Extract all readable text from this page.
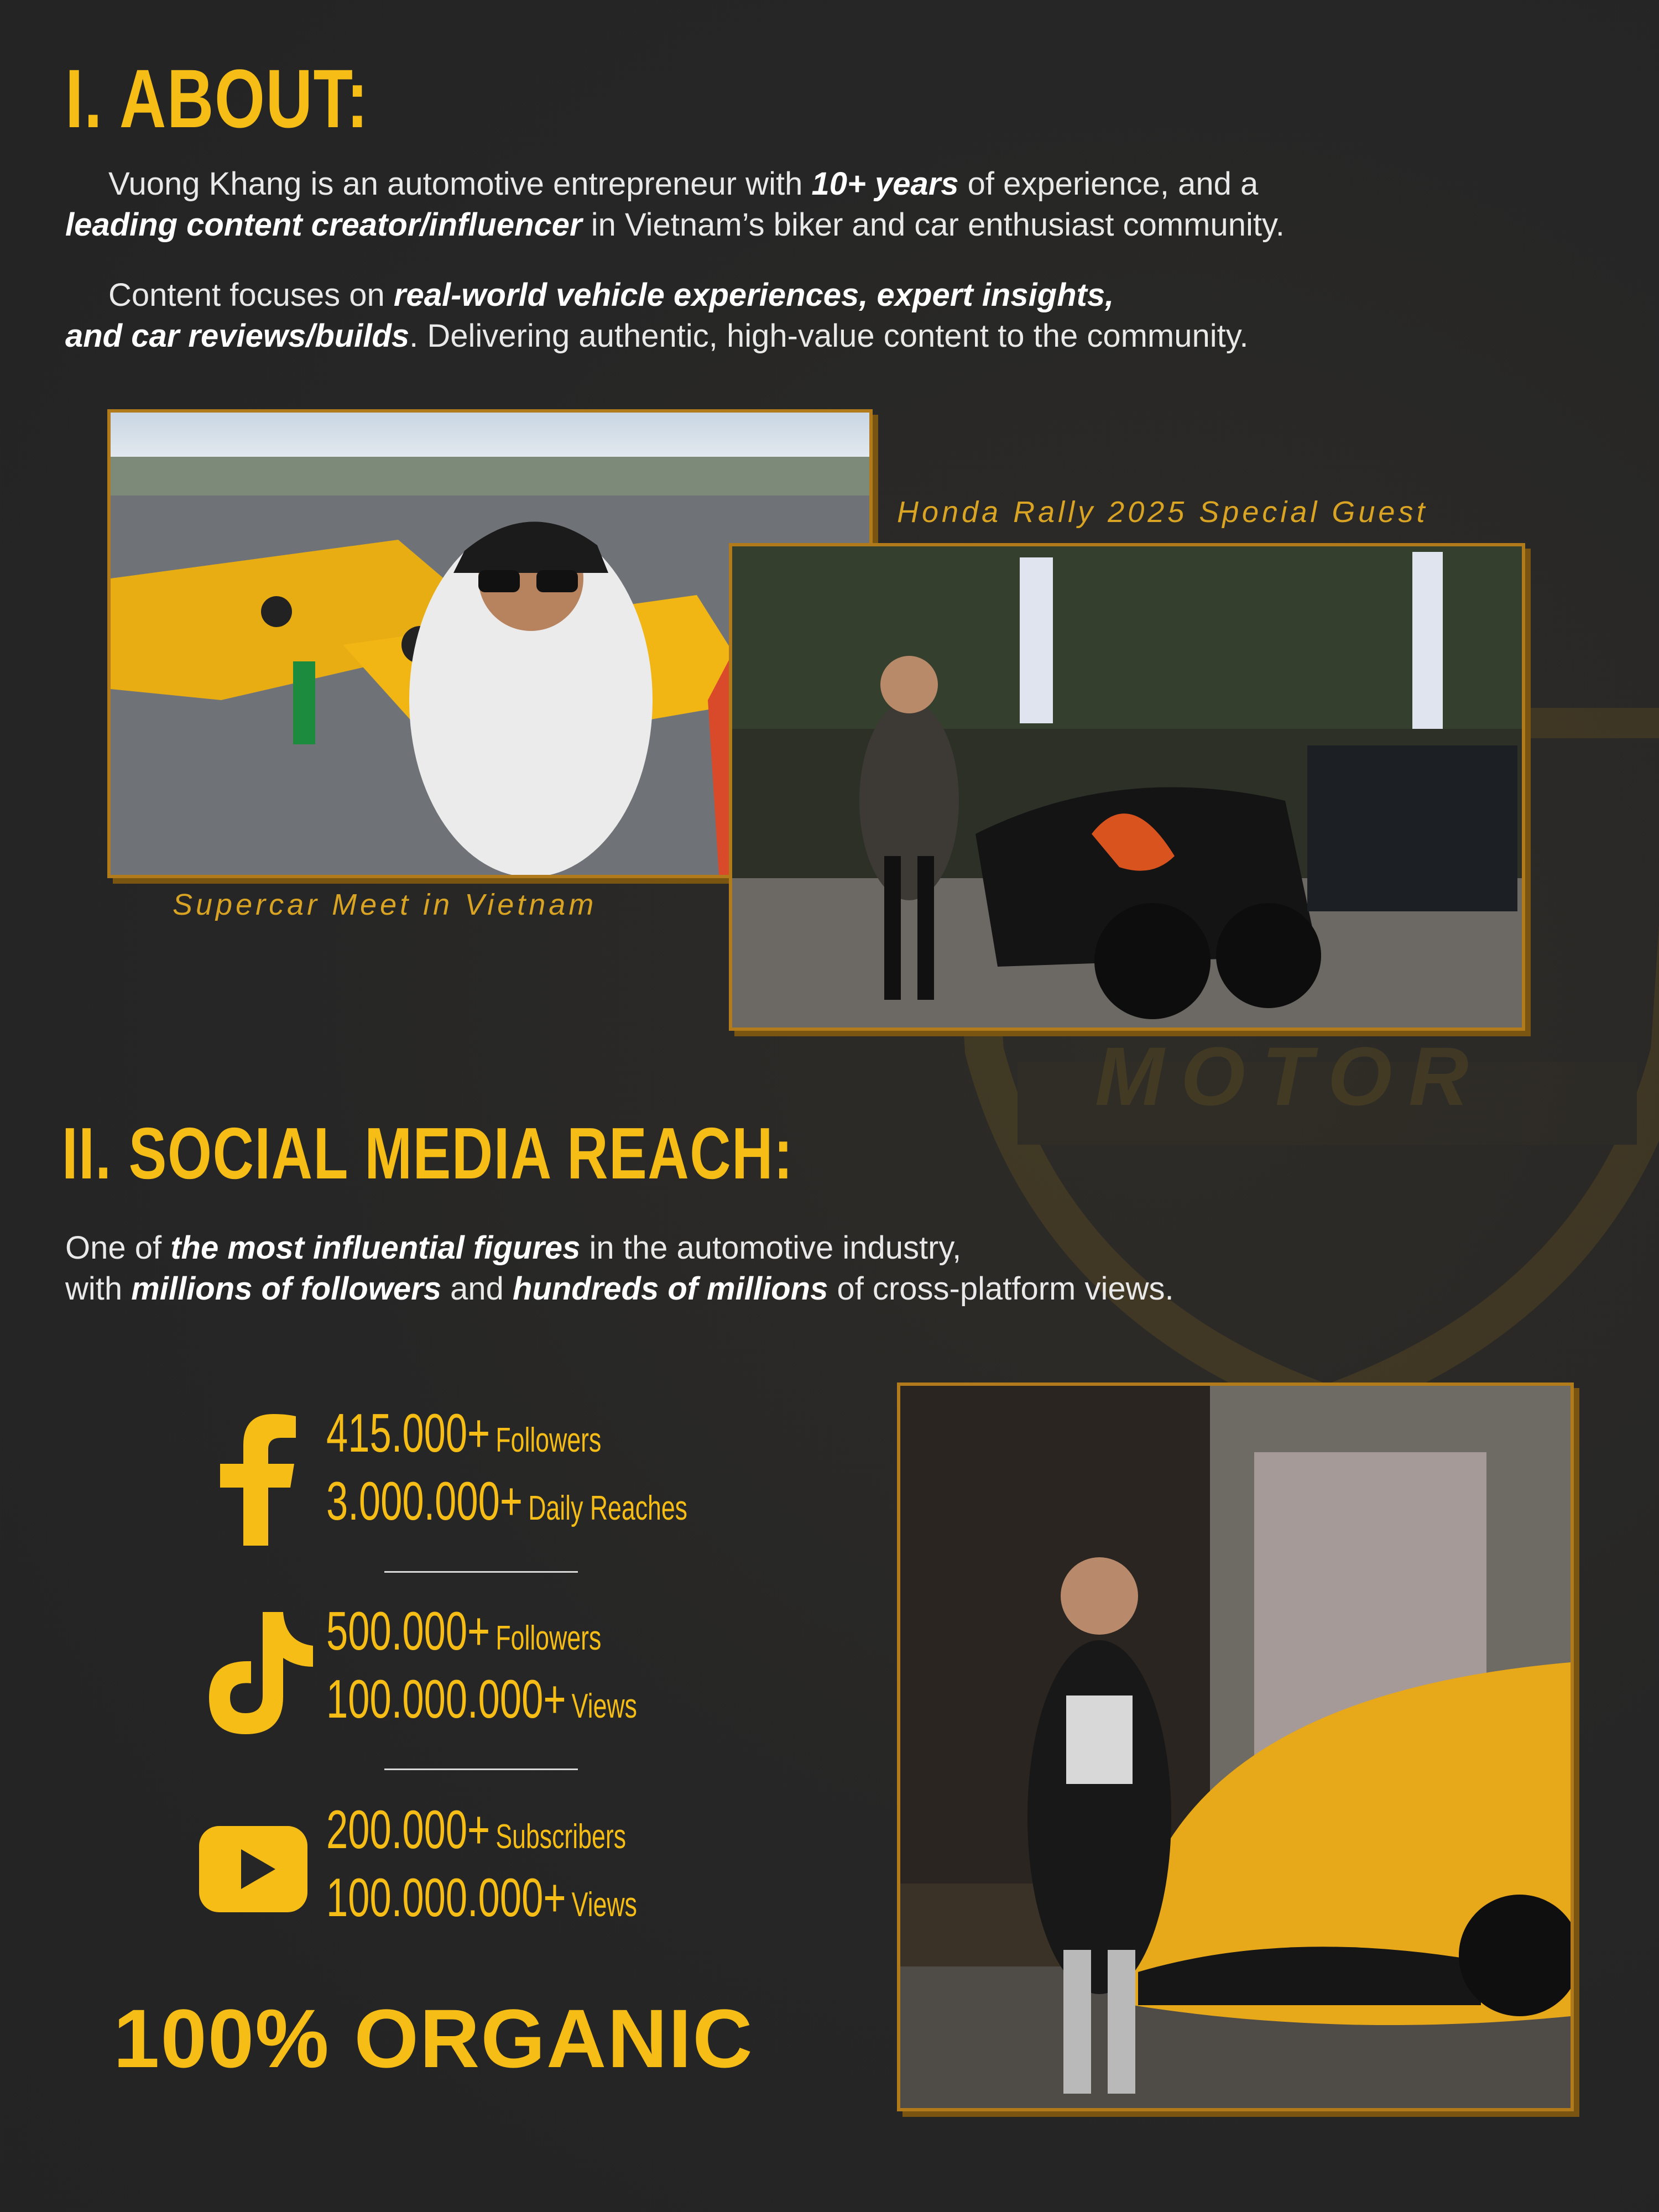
MOTOR
I. ABOUT:

Vuong Khang is an automotive entrepreneur with 10+ years of experience, and a

leading content creator/influencer in Vietnam’s biker and car enthusiast community.

Content focuses on real-world vehicle experiences, expert insights,

and car reviews/builds. Delivering authentic, high-value content to the community.

Supercar Meet in Vietnam

Honda Rally 2025 Special Guest

II. SOCIAL MEDIA REACH:

One of the most influential figures in the automotive industry,

with millions of followers and hundreds of millions of cross-platform views.

415.000+ Followers

3.000.000+ Daily Reaches

500.000+ Followers

100.000.000+ Views

200.000+ Subscribers

100.000.000+ Views

100% ORGANIC
